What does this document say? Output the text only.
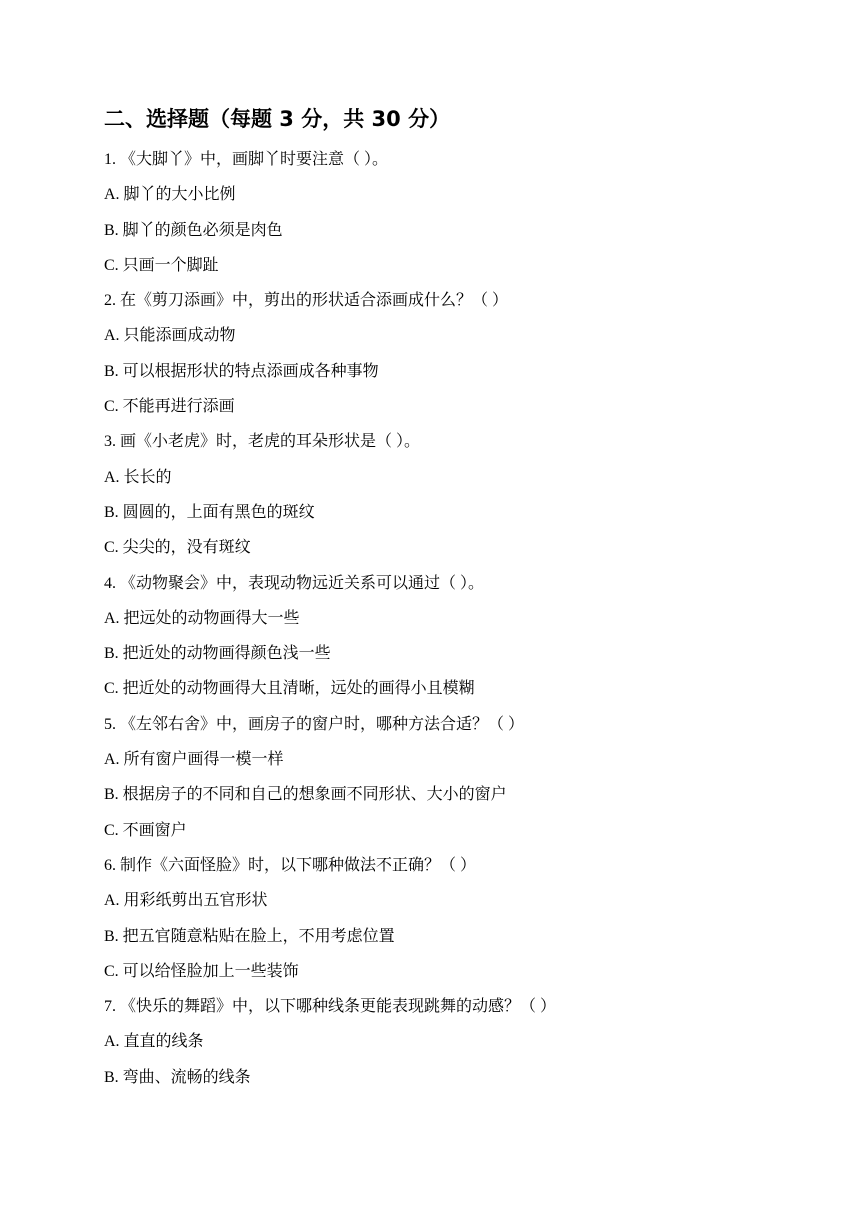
二、选择题（每题 3 分，共 30 分）
1. 《大脚丫》中，画脚丫时要注意（ ）。
A. 脚丫的大小比例
B. 脚丫的颜色必须是肉色
C. 只画一个脚趾
2. 在《剪刀添画》中，剪出的形状适合添画成什么？（ ）
A. 只能添画成动物
B. 可以根据形状的特点添画成各种事物
C. 不能再进行添画
3. 画《小老虎》时，老虎的耳朵形状是（ ）。
A. 长长的
B. 圆圆的，上面有黑色的斑纹
C. 尖尖的，没有斑纹
4. 《动物聚会》中，表现动物远近关系可以通过（ ）。
A. 把远处的动物画得大一些
B. 把近处的动物画得颜色浅一些
C. 把近处的动物画得大且清晰，远处的画得小且模糊
5. 《左邻右舍》中，画房子的窗户时，哪种方法合适？（ ）
A. 所有窗户画得一模一样
B. 根据房子的不同和自己的想象画不同形状、大小的窗户
C. 不画窗户
6. 制作《六面怪脸》时，以下哪种做法不正确？（ ）
A. 用彩纸剪出五官形状
B. 把五官随意粘贴在脸上，不用考虑位置
C. 可以给怪脸加上一些装饰
7. 《快乐的舞蹈》中，以下哪种线条更能表现跳舞的动感？（ ）
A. 直直的线条
B. 弯曲、流畅的线条
